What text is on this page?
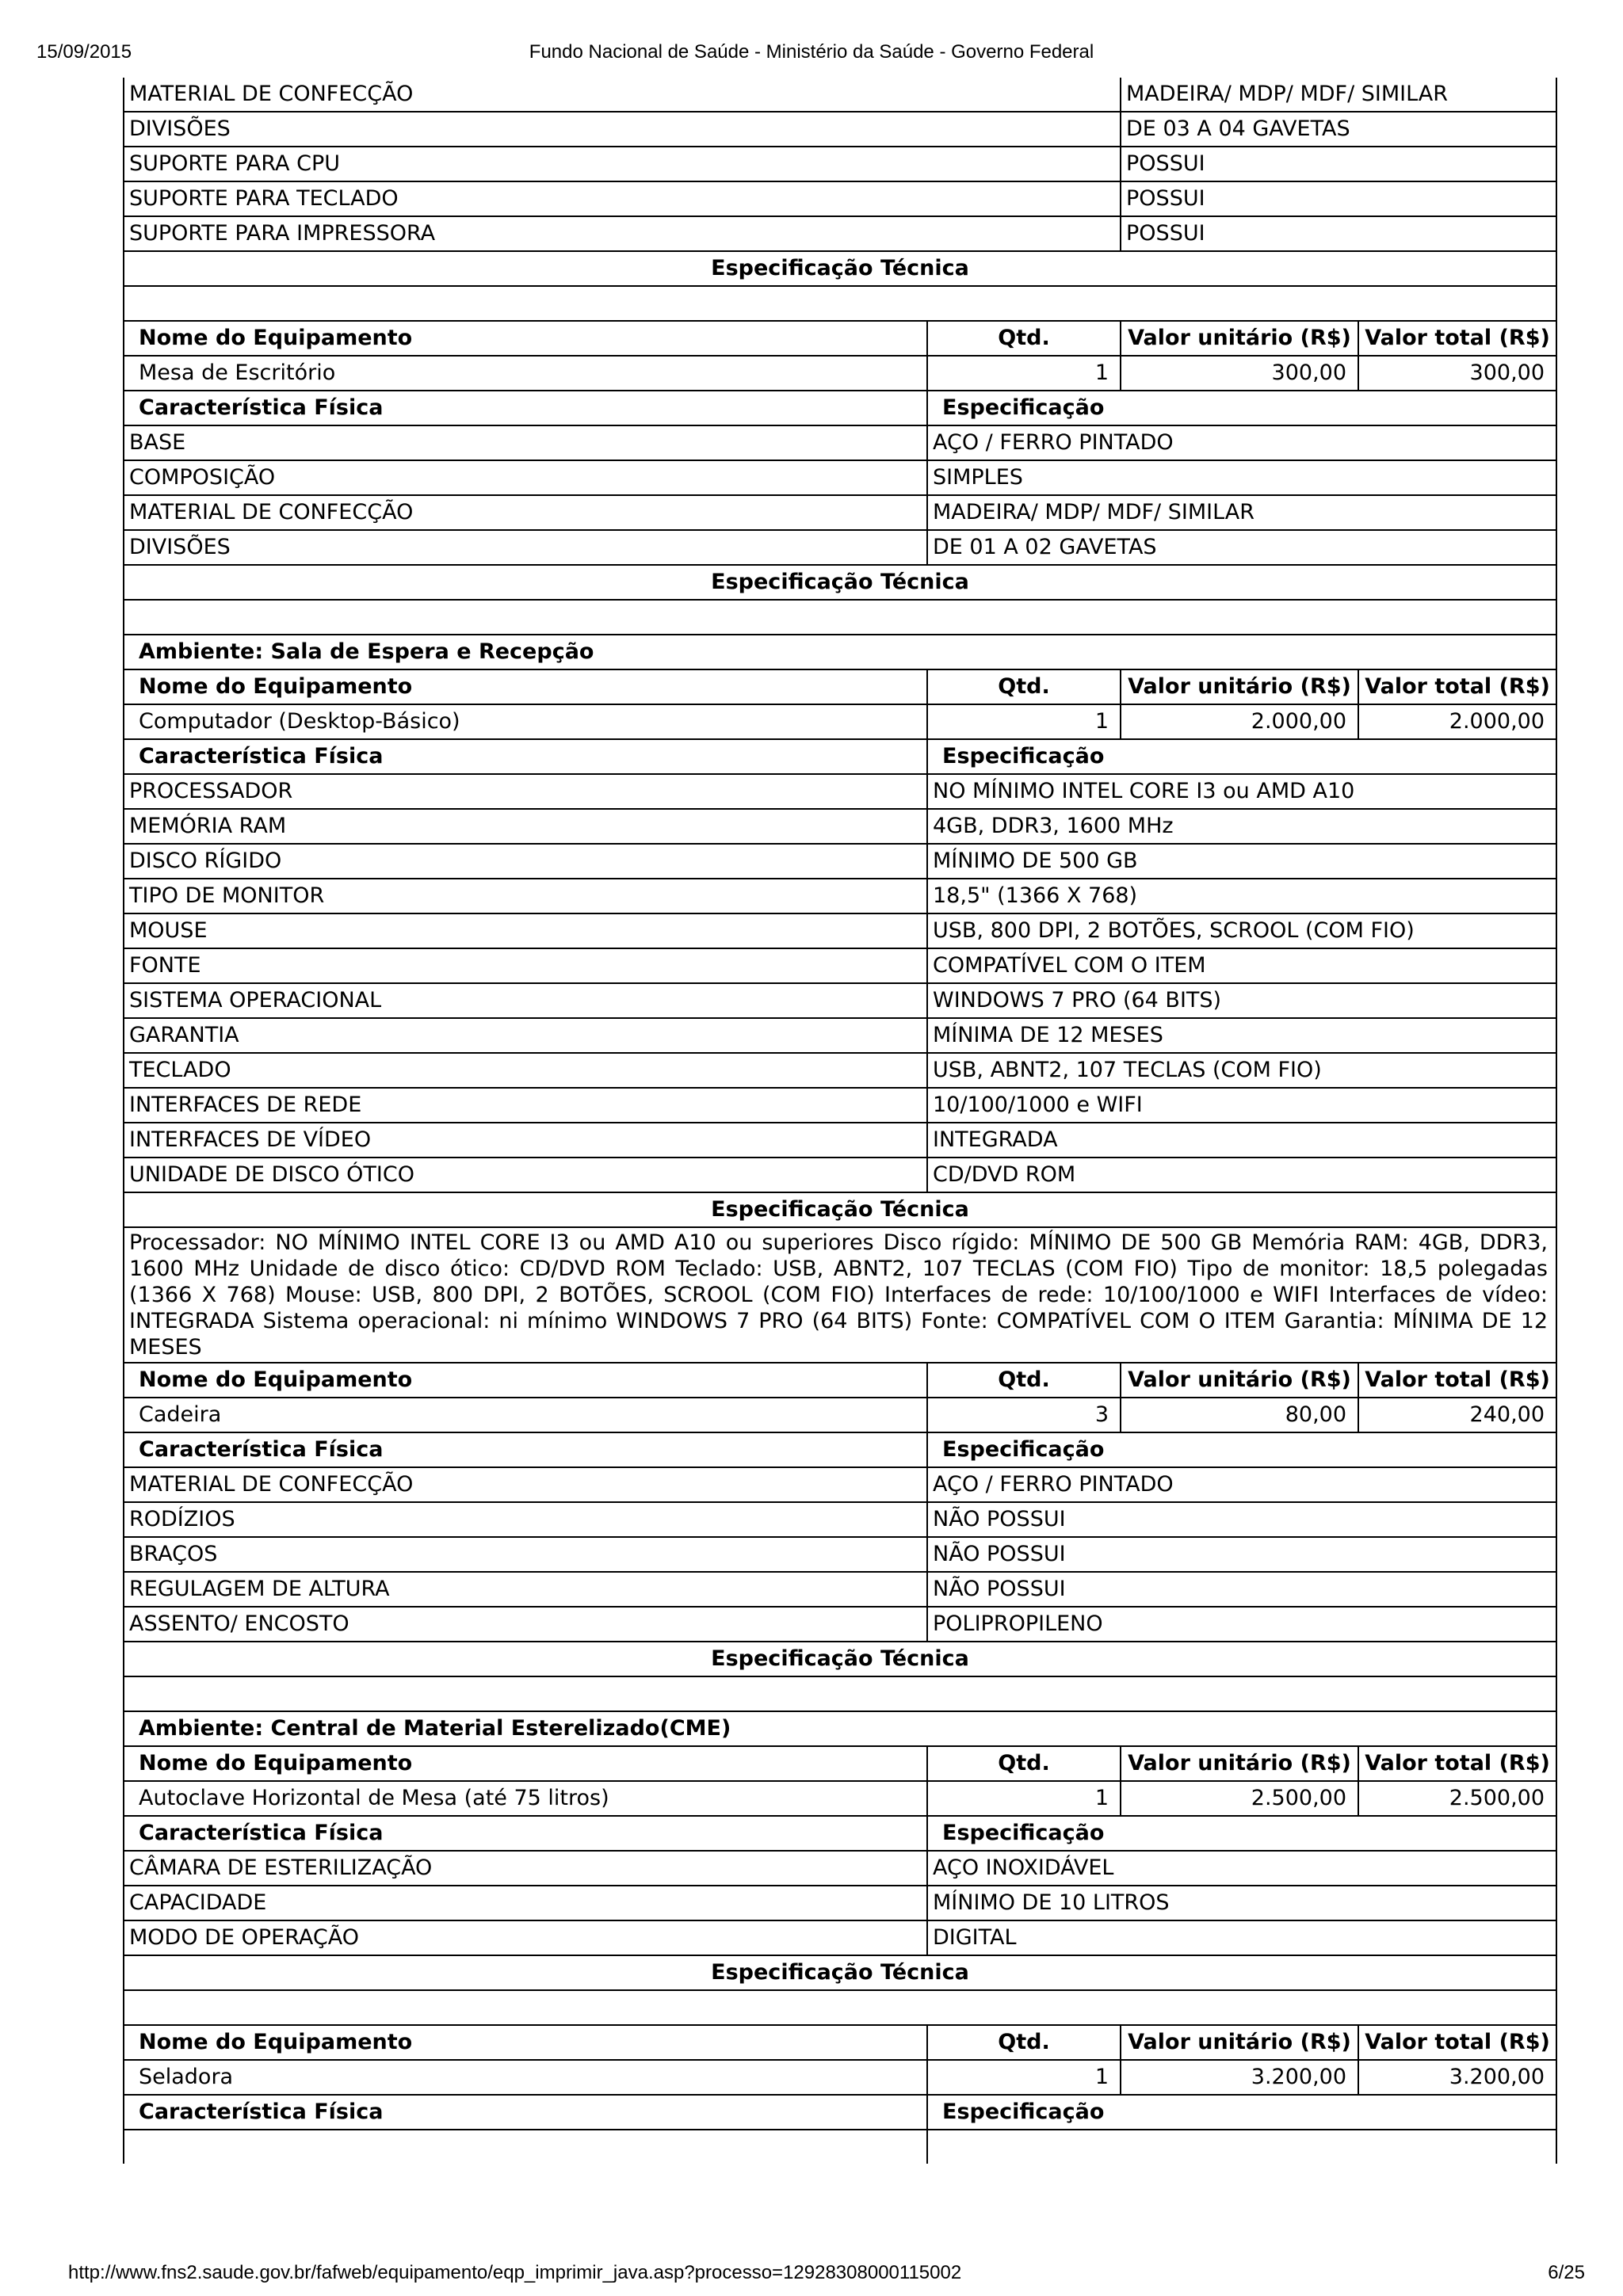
15/09/2015	Fundo Nacional de Saúde - Ministério da Saúde - Governo Federal
MATERIAL DE CONFECÇÃO		MADEIRA/ MDP/ MDF/ SIMILAR	
DIVISÕES		DE 03 A 04 GAVETAS	
SUPORTE PARA CPU		POSSUI	
SUPORTE PARA TECLADO		POSSUI	
SUPORTE PARA IMPRESSORA		POSSUI	
Especificação Técnica			

Nome do Equipamento	Qtd.	Valor unitário (R$)	Valor total (R$)
Mesa de Escritório	1	300,00	300,00
Característica Física	Especificação		
BASE	AÇO / FERRO PINTADO		
COMPOSIÇÃO	SIMPLES		
MATERIAL DE CONFECÇÃO	MADEIRA/ MDP/ MDF/ SIMILAR		
DIVISÕES	DE 01 A 02 GAVETAS		
Especificação Técnica			

Ambiente: Sala de Espera e Recepção			
Nome do Equipamento	Qtd.	Valor unitário (R$)	Valor total (R$)
Computador (Desktop-Básico)	1	2.000,00	2.000,00
Característica Física	Especificação		
PROCESSADOR	NO MÍNIMO INTEL CORE I3 ou AMD A10		
MEMÓRIA RAM	4GB, DDR3, 1600 MHz		
DISCO RÍGIDO	MÍNIMO DE 500 GB		
TIPO DE MONITOR	18,5" (1366 X 768)		
MOUSE	USB, 800 DPI, 2 BOTÕES, SCROOL (COM FIO)		
FONTE	COMPATÍVEL COM O ITEM		
SISTEMA OPERACIONAL	WINDOWS 7 PRO (64 BITS)		
GARANTIA	MÍNIMA DE 12 MESES		
TECLADO	USB, ABNT2, 107 TECLAS (COM FIO)		
INTERFACES DE REDE	10/100/1000 e WIFI		
INTERFACES DE VÍDEO	INTEGRADA		
UNIDADE DE DISCO ÓTICO	CD/DVD ROM		
Especificação Técnica			
Processador: NO MÍNIMO INTEL CORE I3 ou AMD A10 ou superiores Disco rígido: MÍNIMO DE 500 GB Memória RAM: 4GB, DDR3, 1600 MHz Unidade de disco ótico: CD/DVD ROM Teclado: USB, ABNT2, 107 TECLAS (COM FIO) Tipo de monitor: 18,5 polegadas (1366 X 768) Mouse: USB, 800 DPI, 2 BOTÕES, SCROOL (COM FIO) Interfaces de rede: 10/100/1000 e WIFI Interfaces de vídeo: INTEGRADA Sistema operacional: ni mínimo WINDOWS 7 PRO (64 BITS) Fonte: COMPATÍVEL COM O ITEM Garantia: MÍNIMA DE 12 MESES			
Nome do Equipamento	Qtd.	Valor unitário (R$)	Valor total (R$)
Cadeira	3	80,00	240,00
Característica Física	Especificação		
MATERIAL DE CONFECÇÃO	AÇO / FERRO PINTADO		
RODÍZIOS	NÃO POSSUI		
BRAÇOS	NÃO POSSUI		
REGULAGEM DE ALTURA	NÃO POSSUI		
ASSENTO/ ENCOSTO	POLIPROPILENO		
Especificação Técnica			

Ambiente: Central de Material Esterelizado(CME)			
Nome do Equipamento	Qtd.	Valor unitário (R$)	Valor total (R$)
Autoclave Horizontal de Mesa (até 75 litros)	1	2.500,00	2.500,00
Característica Física	Especificação		
CÂMARA DE ESTERILIZAÇÃO	AÇO INOXIDÁVEL		
CAPACIDADE	MÍNIMO DE 10 LITROS		
MODO DE OPERAÇÃO	DIGITAL		
Especificação Técnica			

Nome do Equipamento	Qtd.	Valor unitário (R$)	Valor total (R$)
Seladora	1	3.200,00	3.200,00
Característica Física	Especificação		

http://www.fns2.saude.gov.br/fafweb/equipamento/eqp_imprimir_java.asp?processo=12928308000115002	6/25
